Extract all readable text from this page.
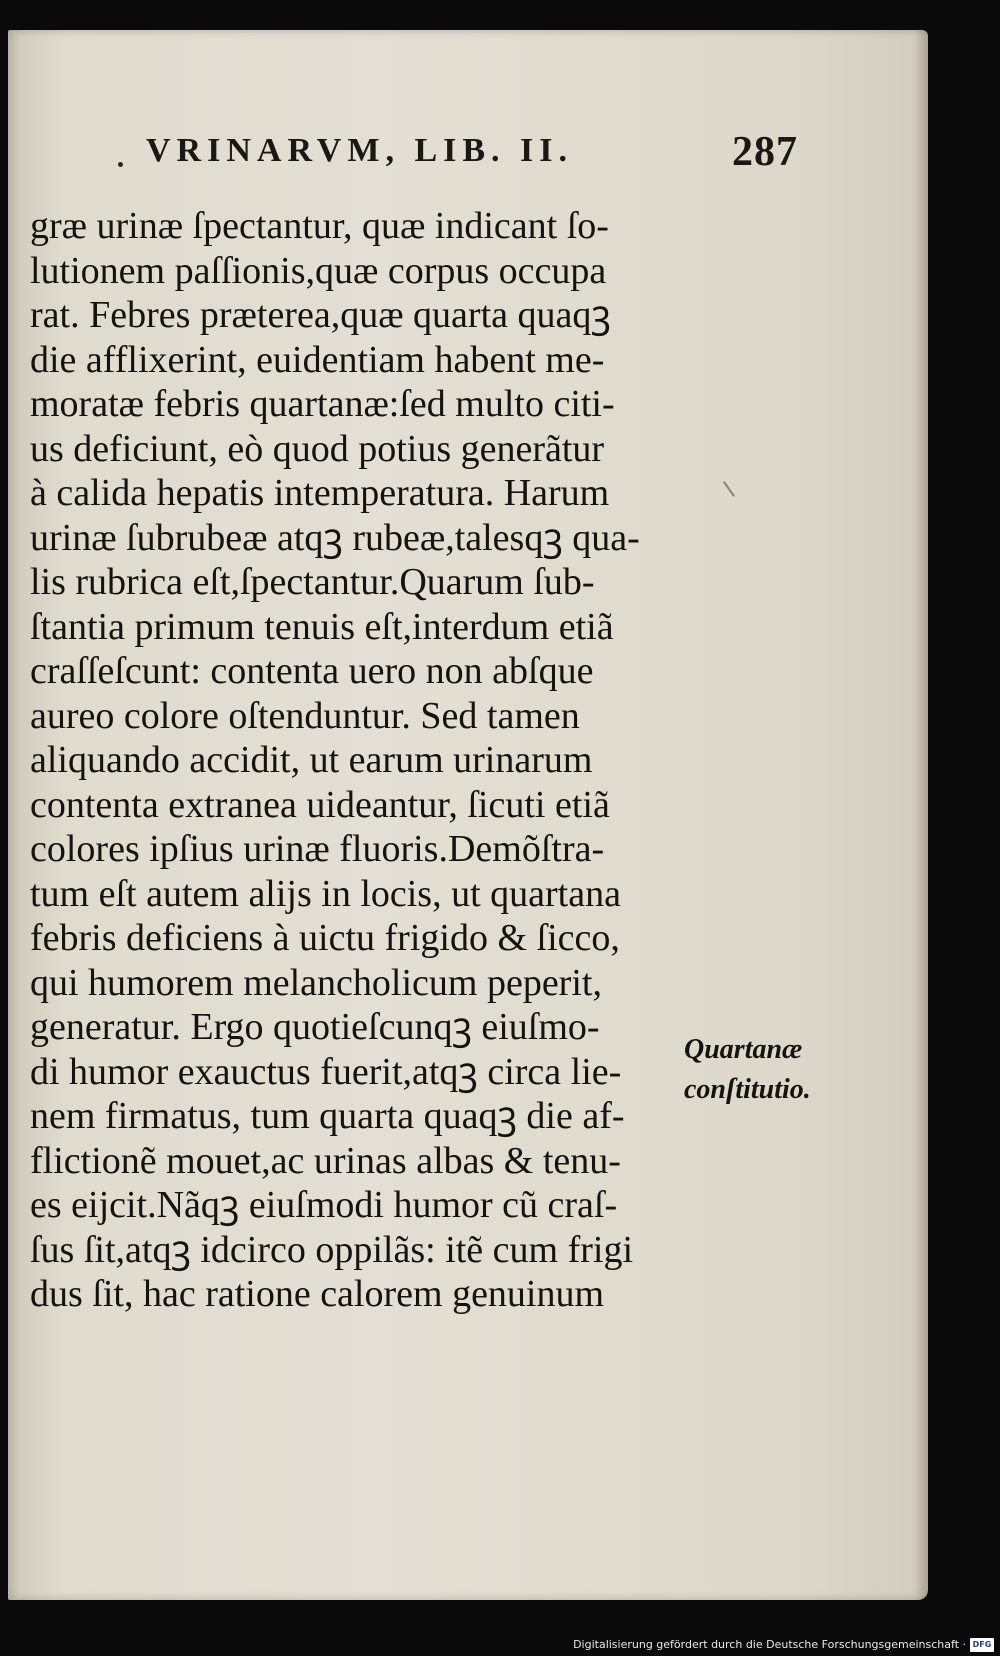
VRINARVM, LIB. II.	287
græ urinæ ſpectantur, quæ indicant ſo-
lutionem paſſionis,quæ corpus occupa
rat. Febres præterea,quæ quarta quaqꝫ
die afflixerint, euidentiam habent me-
moratæ febris quartanæ:ſed multo citi-
us deficiunt, eò quod potius generãtur
à calida hepatis intemperatura. Harum
urinæ ſubrubeæ atqꝫ rubeæ,talesqꝫ qua-
lis rubrica eſt,ſpectantur.Quarum ſub-
ſtantia primum tenuis eſt,interdum etiã
craſſeſcunt: contenta uero non abſque
aureo colore oſtenduntur. Sed tamen
aliquando accidit, ut earum urinarum
contenta extranea uideantur, ſicuti etiã
colores ipſius urinæ fluoris.Demõſtra-
tum eſt autem alijs in locis, ut quartana
febris deficiens à uictu frigido & ſicco,
qui humorem melancholicum peperit,
generatur. Ergo quotieſcunqꝫ eiuſmo-
di humor exauctus fuerit,atqꝫ circa lie-
nem firmatus, tum quarta quaqꝫ die af-
flictionẽ mouet,ac urinas albas & tenu-
es eijcit.Nãqꝫ eiuſmodi humor cũ craſ-
ſus ſit,atqꝫ idcirco oppilãs: itẽ cum frigi
dus ſit, hac ratione calorem genuinum
Quartanæ
conſtitutio.
Digitalisierung gefördert durch die Deutsche Forschungsgemeinschaft · DFG
